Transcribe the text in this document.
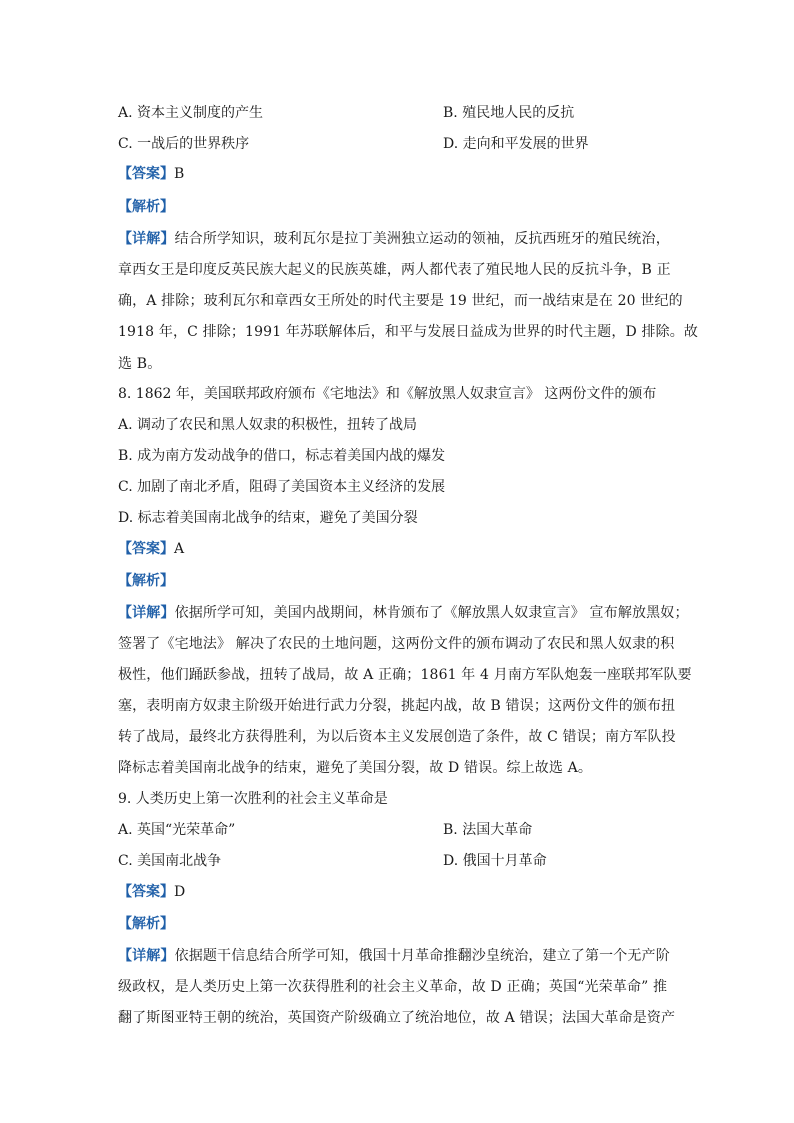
A. 资本主义制度的产生	B. 殖民地人民的反抗
C. 一战后的世界秩序	D. 走向和平发展的世界
【答案】B
【解析】
【详解】结合所学知识，玻利瓦尔是拉丁美洲独立运动的领袖，反抗西班牙的殖民统治，
章西女王是印度反英民族大起义的民族英雄，两人都代表了殖民地人民的反抗斗争，B 正
确，A 排除；玻利瓦尔和章西女王所处的时代主要是 19 世纪，而一战结束是在 20 世纪的
1918 年，C 排除；1991 年苏联解体后，和平与发展日益成为世界的时代主题，D 排除。故
选 B。
8. 1862 年，美国联邦政府颁布《宅地法》和《解放黑人奴隶宣言》 这两份文件的颁布
A. 调动了农民和黑人奴隶的积极性，扭转了战局
B. 成为南方发动战争的借口，标志着美国内战的爆发
C. 加剧了南北矛盾，阻碍了美国资本主义经济的发展
D. 标志着美国南北战争的结束，避免了美国分裂
【答案】A
【解析】
【详解】依据所学可知，美国内战期间，林肯颁布了《解放黑人奴隶宣言》 宣布解放黑奴；
签署了《宅地法》 解决了农民的土地问题，这两份文件的颁布调动了农民和黑人奴隶的积
极性，他们踊跃参战，扭转了战局，故 A 正确；1861 年 4 月南方军队炮轰一座联邦军队要
塞，表明南方奴隶主阶级开始进行武力分裂，挑起内战，故 B 错误；这两份文件的颁布扭
转了战局，最终北方获得胜利，为以后资本主义发展创造了条件，故 C 错误；南方军队投
降标志着美国南北战争的结束，避免了美国分裂，故 D 错误。综上故选 A。
9. 人类历史上第一次胜利的社会主义革命是
A. 英国“光荣革命”	B. 法国大革命
C. 美国南北战争	D. 俄国十月革命
【答案】D
【解析】
【详解】依据题干信息结合所学可知，俄国十月革命推翻沙皇统治，建立了第一个无产阶
级政权，是人类历史上第一次获得胜利的社会主义革命，故 D 正确；英国“光荣革命” 推
翻了斯图亚特王朝的统治，英国资产阶级确立了统治地位，故 A 错误；法国大革命是资产
